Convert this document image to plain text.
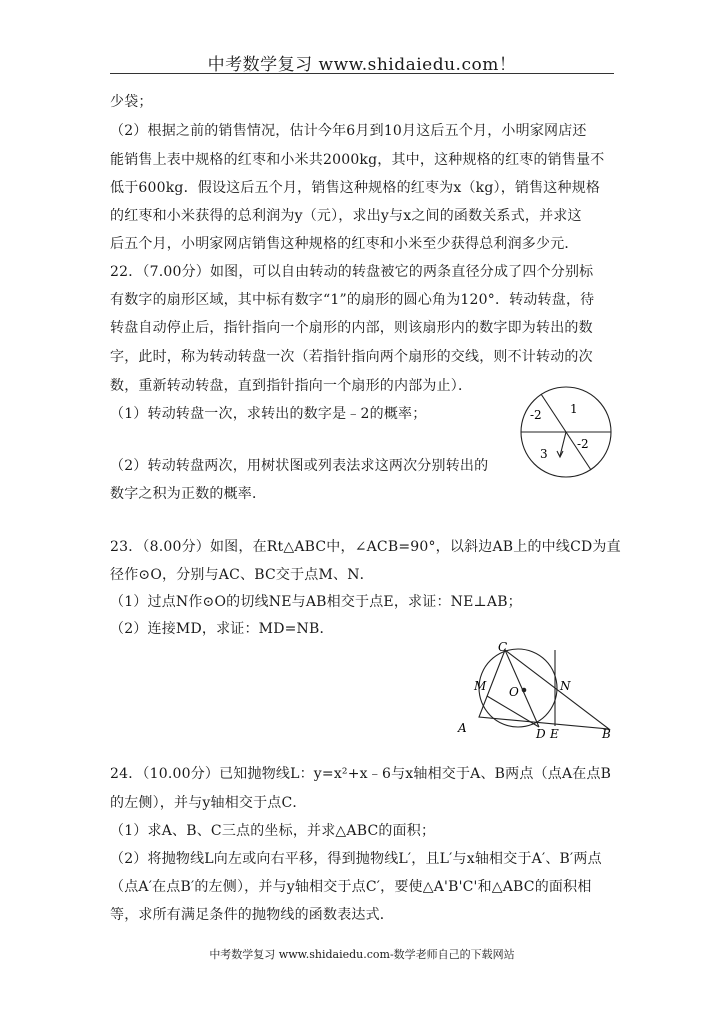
中考数学复习 www.shidaiedu.com！
少袋；
（2）根据之前的销售情况，估计今年6月到10月这后五个月，小明家网店还
能销售上表中规格的红枣和小米共2000kg，其中，这种规格的红枣的销售量不
低于600kg．假设这后五个月，销售这种规格的红枣为x（kg），销售这种规格
的红枣和小米获得的总利润为y（元），求出y与x之间的函数关系式，并求这
后五个月，小明家网店销售这种规格的红枣和小米至少获得总利润多少元．
22．（7.00分）如图，可以自由转动的转盘被它的两条直径分成了四个分别标
有数字的扇形区域，其中标有数字“1”的扇形的圆心角为120°．转动转盘，待
转盘自动停止后，指针指向一个扇形的内部，则该扇形内的数字即为转出的数
字，此时，称为转动转盘一次（若指针指向两个扇形的交线，则不计转动的次
数，重新转动转盘，直到指针指向一个扇形的内部为止）．
（1）转动转盘一次，求转出的数字是﹣2的概率；
（2）转动转盘两次，用树状图或列表法求这两次分别转出的
数字之积为正数的概率．
23．（8.00分）如图，在Rt△ABC中，∠ACB=90°，以斜边AB上的中线CD为直
径作⊙O，分别与AC、BC交于点M、N．
（1）过点N作⊙O的切线NE与AB相交于点E，求证：NE⊥AB；
（2）连接MD，求证：MD=NB．
24．（10.00分）已知抛物线L：y=x²+x﹣6与x轴相交于A、B两点（点A在点B
的左侧），并与y轴相交于点C．
（1）求A、B、C三点的坐标，并求△ABC的面积；
（2）将抛物线L向左或向右平移，得到抛物线L′，且L′与x轴相交于A′、B′两点
（点A′在点B′的左侧），并与y轴相交于点C′，要使△A'B'C'和△ABC的面积相
等，求所有满足条件的抛物线的函数表达式．
-2 1
-2
3
C
M O	N
A	D E	B
中考数学复习 www.shidaiedu.com-数学老师自己的下载网站
